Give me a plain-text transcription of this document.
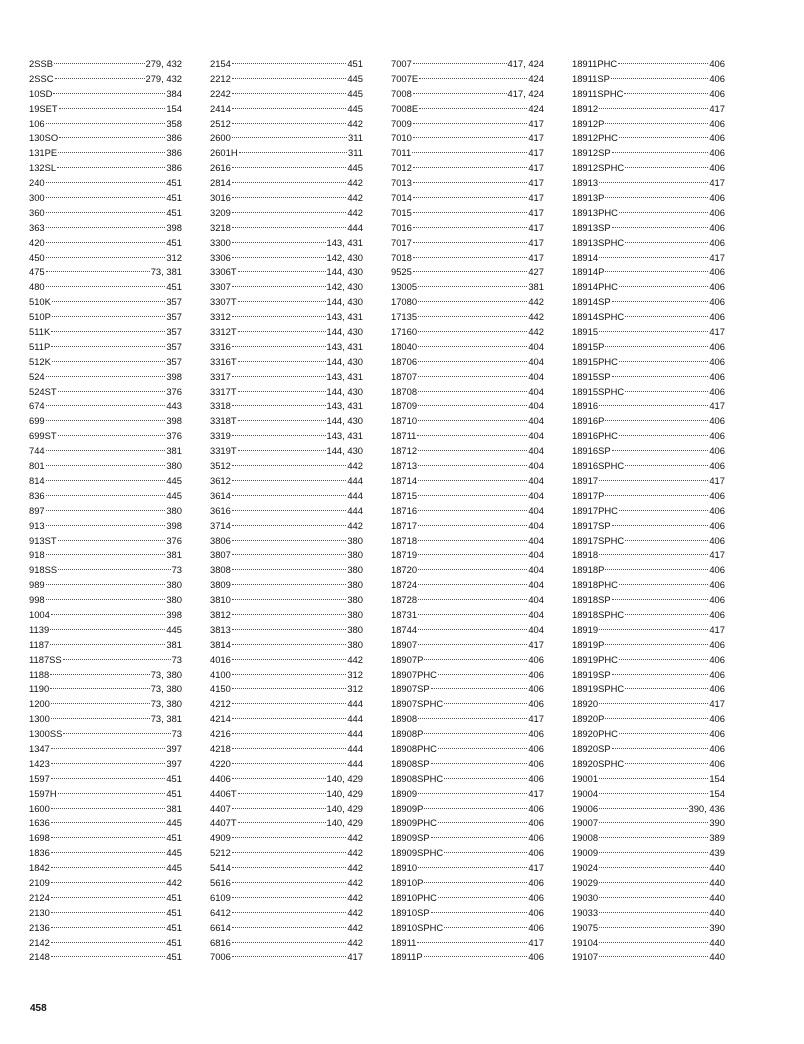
2SSB	279, 432
2SSC	279, 432
10SD	384
19SET	154
106	358
130SO	386
131PE	386
132SL	386
240	451
300	451
360	451
363	398
420	451
450	312
475	73, 381
480	451
510K	357
510P	357
511K	357
511P	357
512K	357
524	398
524ST	376
674	443
699	398
699ST	376
744	381
801	380
814	445
836	445
897	380
913	398
913ST	376
918	381
918SS	73
989	380
998	380
1004	398
1139	445
1187	381
1187SS	73
1188	73, 380
1190	73, 380
1200	73, 380
1300	73, 381
1300SS	73
1347	397
1423	397
1597	451
1597H	451
1600	381
1636	445
1698	451
1836	445
1842	445
2109	442
2124	451
2130	451
2136	451
2142	451
2148	451
2154	451
2212	445
2242	445
2414	445
2512	442
2600	311
2601H	311
2616	445
2814	442
3016	442
3209	442
3218	444
3300	143, 431
3306	142, 430
3306T	144, 430
3307	142, 430
3307T	144, 430
3312	143, 431
3312T	144, 430
3316	143, 431
3316T	144, 430
3317	143, 431
3317T	144, 430
3318	143, 431
3318T	144, 430
3319	143, 431
3319T	144, 430
3512	442
3612	444
3614	444
3616	444
3714	442
3806	380
3807	380
3808	380
3809	380
3810	380
3812	380
3813	380
3814	380
4016	442
4100	312
4150	312
4212	444
4214	444
4216	444
4218	444
4220	444
4406	140, 429
4406T	140, 429
4407	140, 429
4407T	140, 429
4909	442
5212	442
5414	442
5616	442
6109	442
6412	442
6614	442
6816	442
7006	417
7007	417, 424
7007E	424
7008	417, 424
7008E	424
7009	417
7010	417
7011	417
7012	417
7013	417
7014	417
7015	417
7016	417
7017	417
7018	417
9525	427
13005	381
17080	442
17135	442
17160	442
18040	404
18706	404
18707	404
18708	404
18709	404
18710	404
18711	404
18712	404
18713	404
18714	404
18715	404
18716	404
18717	404
18718	404
18719	404
18720	404
18724	404
18728	404
18731	404
18744	404
18907	417
18907P	406
18907PHC	406
18907SP	406
18907SPHC	406
18908	417
18908P	406
18908PHC	406
18908SP	406
18908SPHC	406
18909	417
18909P	406
18909PHC	406
18909SP	406
18909SPHC	406
18910	417
18910P	406
18910PHC	406
18910SP	406
18910SPHC	406
18911	417
18911P	406
18911PHC	406
18911SP	406
18911SPHC	406
18912	417
18912P	406
18912PHC	406
18912SP	406
18912SPHC	406
18913	417
18913P	406
18913PHC	406
18913SP	406
18913SPHC	406
18914	417
18914P	406
18914PHC	406
18914SP	406
18914SPHC	406
18915	417
18915P	406
18915PHC	406
18915SP	406
18915SPHC	406
18916	417
18916P	406
18916PHC	406
18916SP	406
18916SPHC	406
18917	417
18917P	406
18917PHC	406
18917SP	406
18917SPHC	406
18918	417
18918P	406
18918PHC	406
18918SP	406
18918SPHC	406
18919	417
18919P	406
18919PHC	406
18919SP	406
18919SPHC	406
18920	417
18920P	406
18920PHC	406
18920SP	406
18920SPHC	406
19001	154
19004	154
19006	390, 436
19007	390
19008	389
19009	439
19024	440
19029	440
19030	440
19033	440
19075	390
19104	440
19107	440
458
